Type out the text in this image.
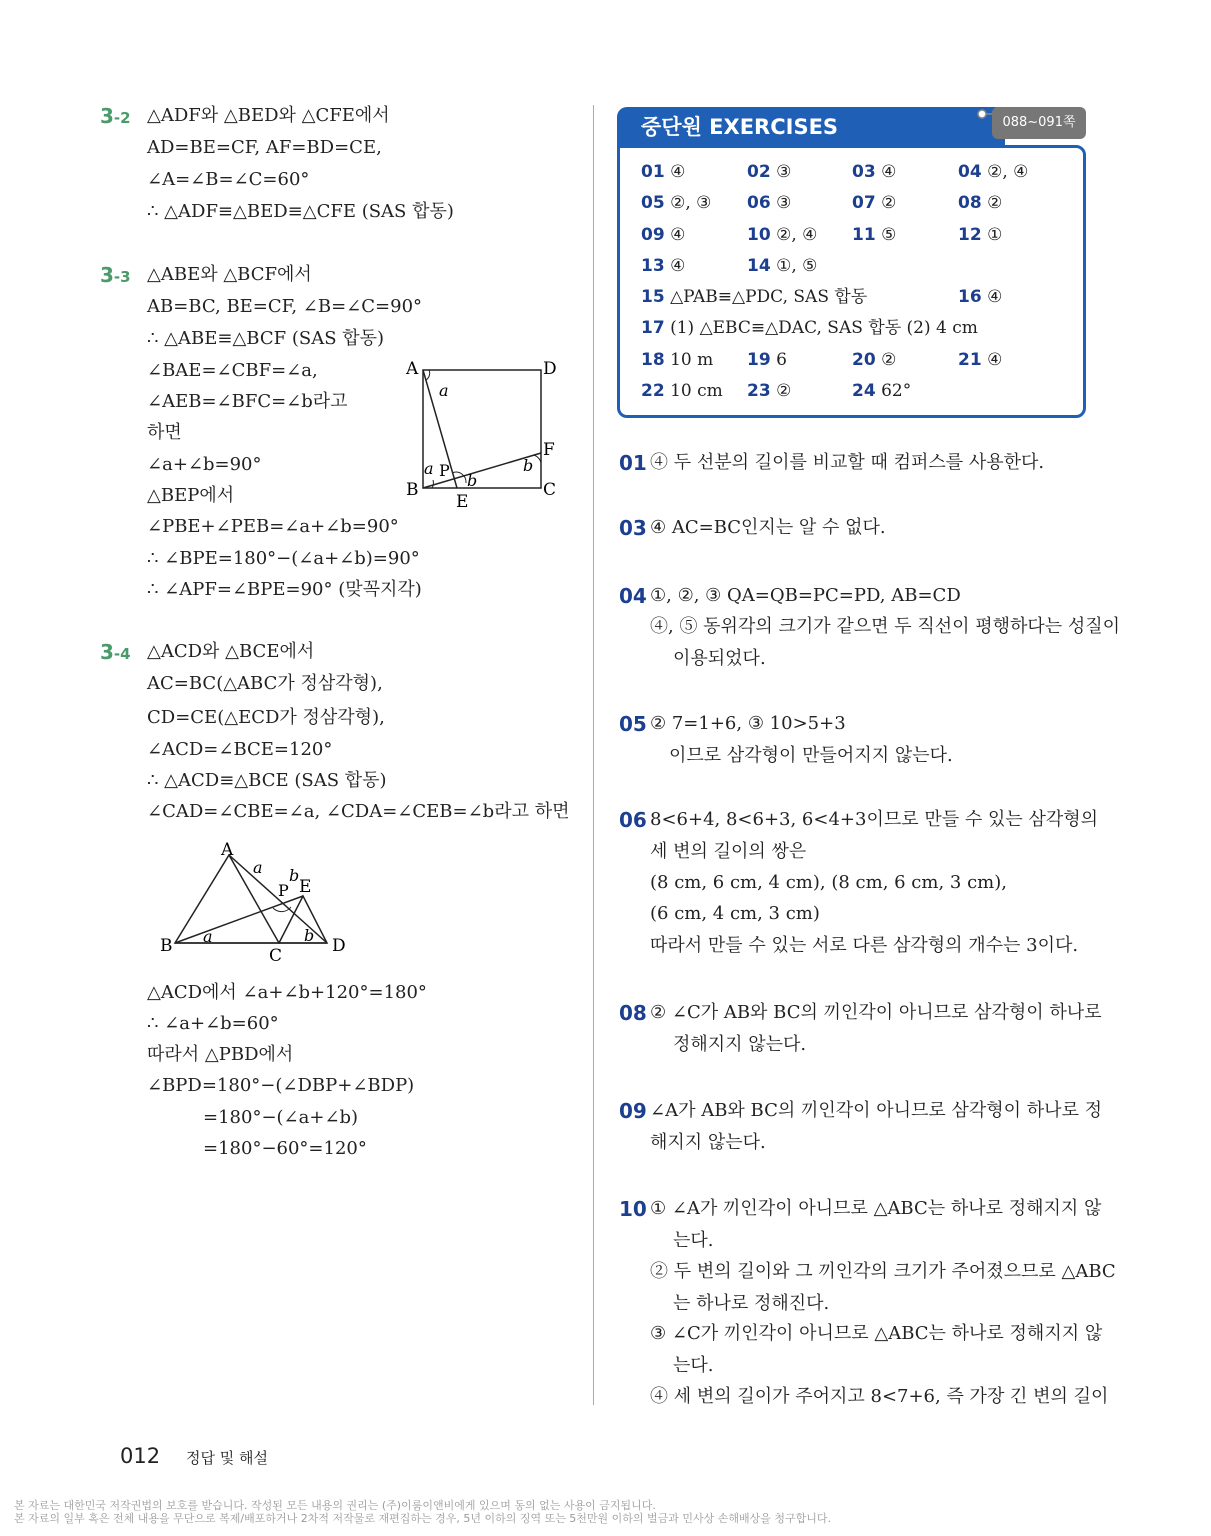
3-2 △ADF와 △BED와 △CFE에서
AD=BE=CF, AF=BD=CE,
∠A=∠B=∠C=60°
∴ △ADF≡△BED≡△CFE (SAS 합동)
3-3 △ABE와 △BCF에서
AB=BC, BE=CF, ∠B=∠C=90°
∴ △ABE≡△BCF (SAS 합동)
∠BAE=∠CBF=∠a,
∠AEB=∠BFC=∠b라고
하면
∠a+∠b=90°
△BEP에서
∠PBE+∠PEB=∠a+∠b=90°
∴ ∠BPE=180°−(∠a+∠b)=90°
∴ ∠APF=∠BPE=90° (맞꼭지각)
A	D
B	C
F
E
P
a
a
b
b
3-4 △ACD와 △BCE에서
AC=BC(△ABC가 정삼각형),
CD=CE(△ECD가 정삼각형),
∠ACD=∠BCE=120°
∴ △ACD≡△BCE (SAS 합동)
∠CAD=∠CBE=∠a, ∠CDA=∠CEB=∠b라고 하면
A
B	C	D
E
P
a
a
b
b
△ACD에서 ∠a+∠b+120°=180°
∴ ∠a+∠b=60°
따라서 △PBD에서
∠BPD=180°−(∠DBP+∠BDP)
=180°−(∠a+∠b)
=180°−60°=120°
중단원 EXERCISES	088~091쪽
01 ④	02 ③	03 ④	04 ②, ④
05 ②, ③ 06 ③	07 ②	08 ②
09 ④	10 ②, ④ 11 ⑤	12 ①
13 ④	14 ①, ⑤
15 △PAB≡△PDC, SAS 합동	16 ④
17 (1) △EBC≡△DAC, SAS 합동 (2) 4 cm
18 10 m 19 6	20 ②	21 ④
22 10 cm 23 ②	24 62°
01 ④ 두 선분의 길이를 비교할 때 컴퍼스를 사용한다.
03 ④ AC=BC인지는 알 수 없다.
04 ①, ②, ③ QA=QB=PC=PD, AB=CD
④, ⑤ 동위각의 크기가 같으면 두 직선이 평행하다는 성질이
이용되었다.
05 ② 7=1+6, ③ 10>5+3
이므로 삼각형이 만들어지지 않는다.
06 8<6+4, 8<6+3, 6<4+3이므로 만들 수 있는 삼각형의
세 변의 길이의 쌍은
(8 cm, 6 cm, 4 cm), (8 cm, 6 cm, 3 cm),
(6 cm, 4 cm, 3 cm)
따라서 만들 수 있는 서로 다른 삼각형의 개수는 3이다.
08 ② ∠C가 AB와 BC의 끼인각이 아니므로 삼각형이 하나로
정해지지 않는다.
09 ∠A가 AB와 BC의 끼인각이 아니므로 삼각형이 하나로 정
해지지 않는다.
10 ① ∠A가 끼인각이 아니므로 △ABC는 하나로 정해지지 않
는다.
② 두 변의 길이와 그 끼인각의 크기가 주어졌으므로 △ABC
는 하나로 정해진다.
③ ∠C가 끼인각이 아니므로 △ABC는 하나로 정해지지 않
는다.
④ 세 변의 길이가 주어지고 8<7+6, 즉 가장 긴 변의 길이
012 정답 및 해설
본 자료는 대한민국 저작권법의 보호를 받습니다. 작성된 모든 내용의 권리는 (주)이룸이앤비에게 있으며 동의 없는 사용이 금지됩니다.
본 자료의 일부 혹은 전체 내용을 무단으로 복제/배포하거나 2차적 저작물로 재편집하는 경우, 5년 이하의 징역 또는 5천만원 이하의 벌금과 민사상 손해배상을 청구합니다.
